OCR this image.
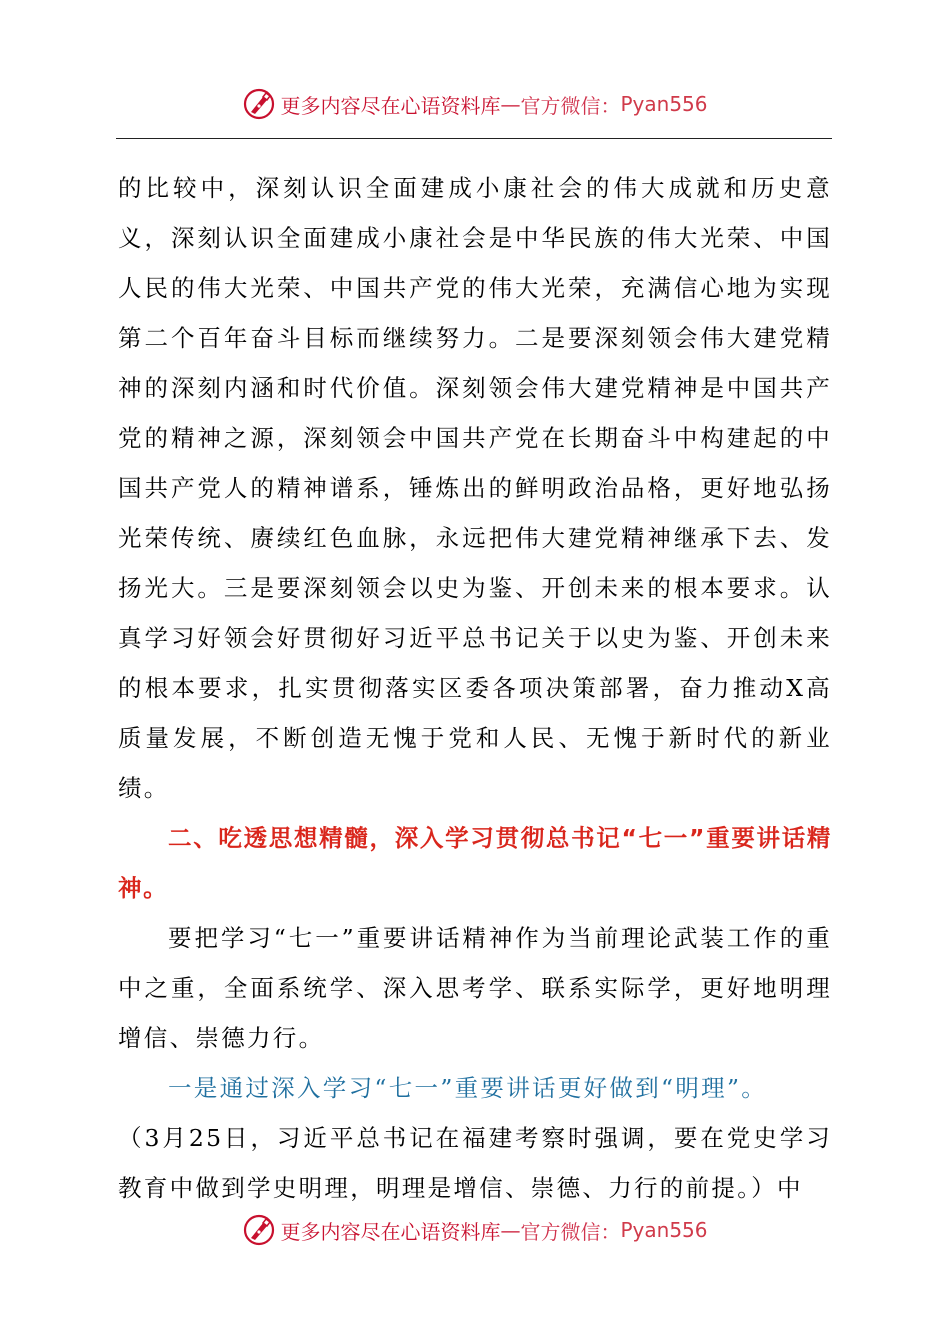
更多内容尽在心语资料库 — 官方微信： Pyan556

的比较中，深刻认识全面建成小康社会的伟大成就和历史意义，深刻认识全面建成小康社会是中华民族的伟大光荣、中国人民的伟大光荣、中国共产党的伟大光荣，充满信心地为实现第二个百年奋斗目标而继续努力。二是要深刻领会伟大建党精神的深刻内涵和时代价值。深刻领会伟大建党精神是中国共产党的精神之源，深刻领会中国共产党在长期奋斗中构建起的中国共产党人的精神谱系，锤炼出的鲜明政治品格，更好地弘扬光荣传统、赓续红色血脉，永远把伟大建党精神继承下去、发扬光大。三是要深刻领会以史为鉴、开创未来的根本要求。认真学习好领会好贯彻好习近平总书记关于以史为鉴、开创未来的根本要求，扎实贯彻落实区委各项决策部署，奋力推动X高质量发展，不断创造无愧于党和人民、无愧于新时代的新业绩。

二、吃透思想精髓，深入学习贯彻总书记“七一”重要讲话精神。

要把学习“七一”重要讲话精神作为当前理论武装工作的重中之重，全面系统学、深入思考学、联系实际学，更好地明理增信、崇德力行。

一是通过深入学习“七一”重要讲话更好做到“明理”。

（3月25日，习近平总书记在福建考察时强调，要在党史学习教育中做到学史明理，明理是增信、崇德、力行的前提。）中

更多内容尽在心语资料库 — 官方微信： Pyan556
